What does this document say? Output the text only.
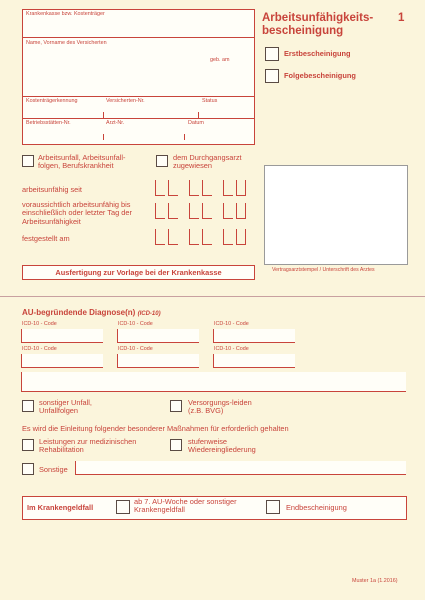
Krankenkasse bzw. Kostenträger
Name, Vorname des Versicherten
geb. am
Kostenträgerkennung	Versicherten-Nr.	Status
Betriebsstätten-Nr.	Arzt-Nr.	Datum
Arbeitsunfähigkeits-
bescheinigung
1
Erstbescheinigung
Folgebescheinigung
Arbeitsunfall, Arbeitsunfall-folgen, Berufskrankheit
dem Durchgangsarzt zugewiesen
arbeitsunfähig seit
voraussichtlich arbeitsunfähig bis einschließlich oder letzter Tag der Arbeitsunfähigkeit
festgestellt am
Ausfertigung zur Vorlage bei der Krankenkasse	Vertragsarztstempel / Unterschrift des Arztes
AU-begründende Diagnose(n) (ICD-10)
ICD-10 - Code	ICD-10 - Code	ICD-10 - Code
ICD-10 - Code	ICD-10 - Code	ICD-10 - Code
sonstiger Unfall, Unfallfolgen
Versorgungs-leiden (z.B. BVG)
Es wird die Einleitung folgender besonderer Maßnahmen für erforderlich gehalten
Leistungen zur medizinischen Rehabilitation
stufenweise Wiedereingliederung
Sonstige
Im Krankengeldfall
ab 7. AU-Woche oder sonstiger Krankengeldfall	Endbescheinigung
Muster 1a (1.2016)
